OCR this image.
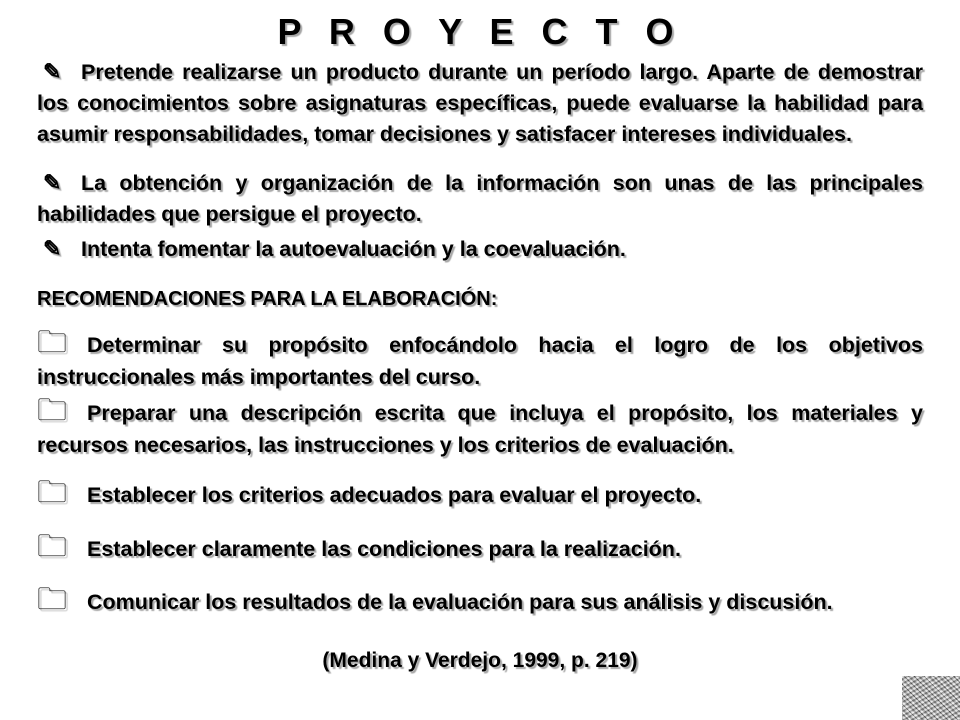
P R O Y E C T O
✎ Pretende realizarse un producto durante un período largo. Aparte de demostrar los conocimientos sobre asignaturas específicas, puede evaluarse la habilidad para asumir responsabilidades, tomar decisiones y satisfacer intereses individuales.
✎ La obtención y organización de la información son unas de las principales habilidades que persigue el proyecto.
✎ Intenta fomentar la autoevaluación y la coevaluación.
RECOMENDACIONES PARA LA ELABORACIÓN:
🗀 Determinar su propósito enfocándolo hacia el logro de los objetivos instruccionales más importantes del curso.
🗀 Preparar una descripción escrita que incluya el propósito, los materiales y recursos necesarios, las instrucciones y los criterios de evaluación.
🗀 Establecer los criterios adecuados para evaluar el proyecto.
🗀 Establecer claramente las condiciones para la realización.
🗀 Comunicar los resultados de la evaluación para sus análisis y discusión.
(Medina y Verdejo, 1999, p. 219)
